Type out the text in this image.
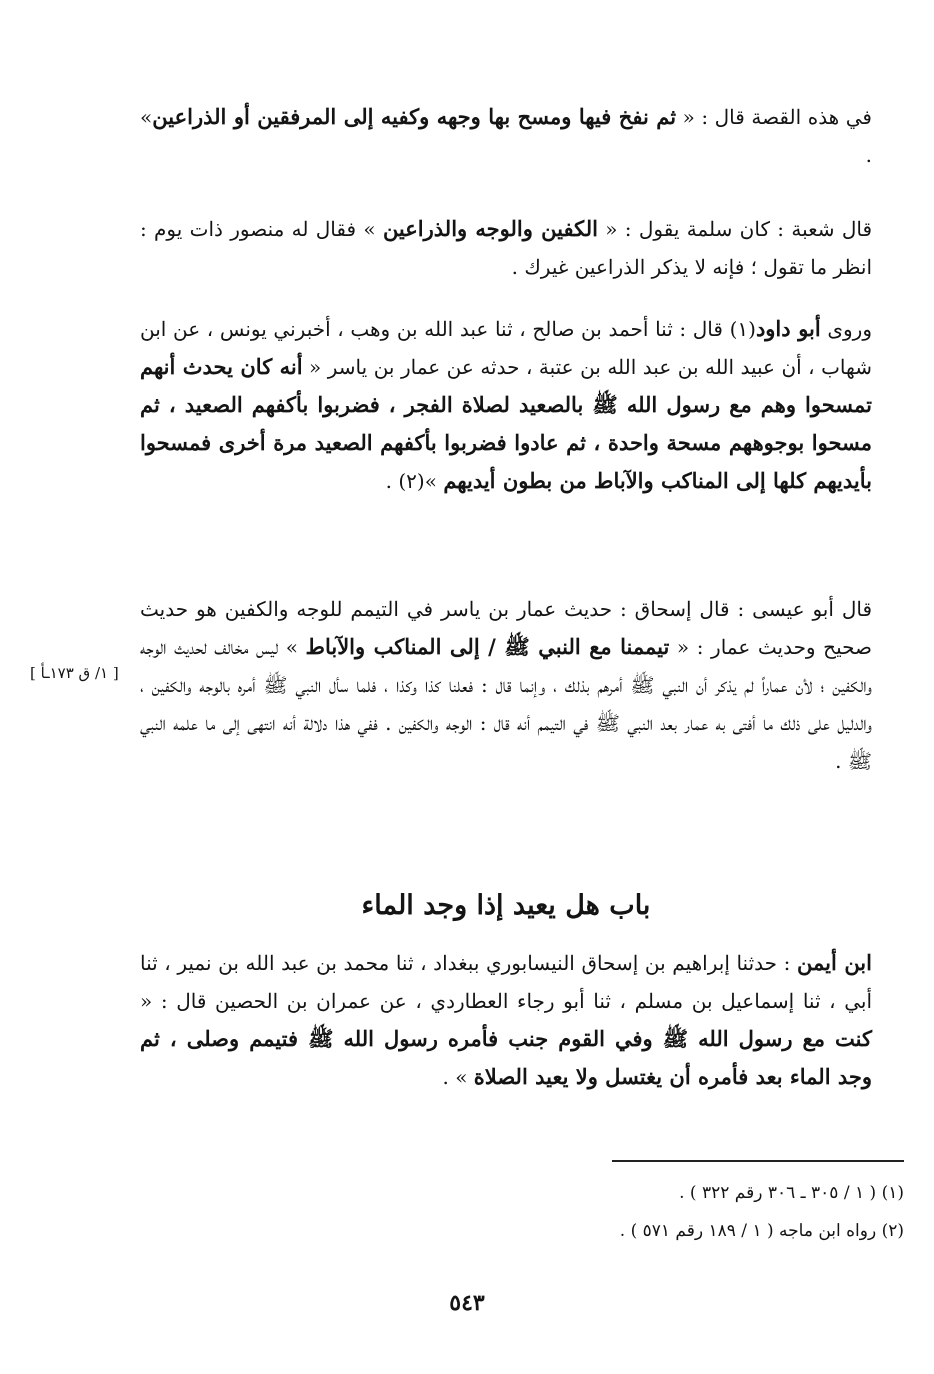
في هذه القصة قال : « ثم نفخ فيها ومسح بها وجهه وكفيه إلى المرفقين أو الذراعين» .

قال شعبة : كان سلمة يقول : « الكفين والوجه والذراعين » فقال له منصور ذات يوم : انظر ما تقول ؛ فإنه لا يذكر الذراعين غيرك .

وروى أبو داود(١) قال : ثنا أحمد بن صالح ، ثنا عبد الله بن وهب ، أخبرني يونس ، عن ابن شهاب ، أن عبيد الله بن عبد الله بن عتبة ، حدثه عن عمار بن ياسر « أنه كان يحدث أنهم تمسحوا وهم مع رسول الله ﷺ بالصعيد لصلاة الفجر ، فضربوا بأكفهم الصعيد ، ثم مسحوا بوجوههم مسحة واحدة ، ثم عادوا فضربوا بأكفهم الصعيد مرة أخرى فمسحوا بأيديهم كلها إلى المناكب والآباط من بطون أيديهم »(٢) .

[ ١/ ق ١٧٣ـأ ]

قال أبو عيسى : قال إسحاق : حديث عمار بن ياسر في التيمم للوجه والكفين هو حديث صحيح وحديث عمار : « تيممنا مع النبي ﷺ / إلى المناكب والآباط » ليس مخالف لحديث الوجه والكفين ؛ لأن عماراً لم يذكر أن النبي ﷺ أمرهم بذلك ، وإنما قال : فعلنا كذا وكذا ، فلما سأل النبي ﷺ أمره بالوجه والكفين ، والدليل على ذلك ما أفتى به عمار بعد النبي ﷺ في التيمم أنه قال : الوجه والكفين . ففي هذا دلالة أنه انتهى إلى ما علمه النبي ﷺ .

باب هل يعيد إذا وجد الماء

ابن أيمن : حدثنا إبراهيم بن إسحاق النيسابوري ببغداد ، ثنا محمد بن عبد الله بن نمير ، ثنا أبي ، ثنا إسماعيل بن مسلم ، ثنا أبو رجاء العطاردي ، عن عمران بن الحصين قال : « كنت مع رسول الله ﷺ وفي القوم جنب فأمره رسول الله ﷺ فتيمم وصلى ، ثم وجد الماء بعد فأمره أن يغتسل ولا يعيد الصلاة » .

(١) ( ١ / ٣٠٥ ـ ٣٠٦ رقم ٣٢٢ ) .

(٢) رواه ابن ماجه ( ١ / ١٨٩ رقم ٥٧١ ) .

٥٤٣
